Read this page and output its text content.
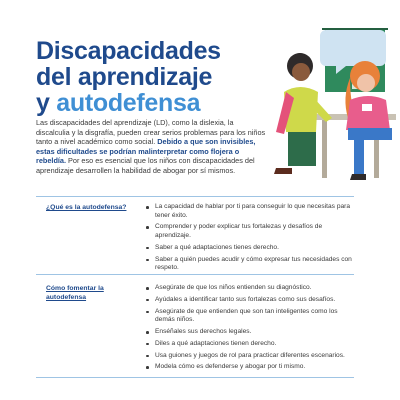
Discapacidades
del aprendizaje
y autodefensa

Las discapacidades del aprendizaje (LD), como la dislexia, la discalculia y la disgrafía, pueden crear serios problemas para los niños tanto a nivel académico como social. Debido a que son invisibles, estas dificultades se podrían malinterpretar como flojera o rebeldía. Por eso es esencial que los niños con discapacidades del aprendizaje desarrollen la habilidad de abogar por sí mismos.

¿Qué es la autodefensa?	La capacidad de hablar por ti para conseguir lo que necesitas para tener éxito.
Comprender y poder explicar tus fortalezas y desafíos de aprendizaje.
Saber a qué adaptaciones tienes derecho.
Saber a quién puedes acudir y cómo expresar tus necesidades con respeto.
Cómo fomentar la autodefensa
Asegúrate de que los niños entienden su diagnóstico.
Ayúdales a identificar tanto sus fortalezas como sus desafíos.
Asegúrate de que entienden que son tan inteligentes como los demás niños.
Enséñales sus derechos legales.
Diles a qué adaptaciones tienen derecho.
Usa guiones y juegos de rol para practicar diferentes escenarios.
Modela cómo es defenderse y abogar por ti mismo.
